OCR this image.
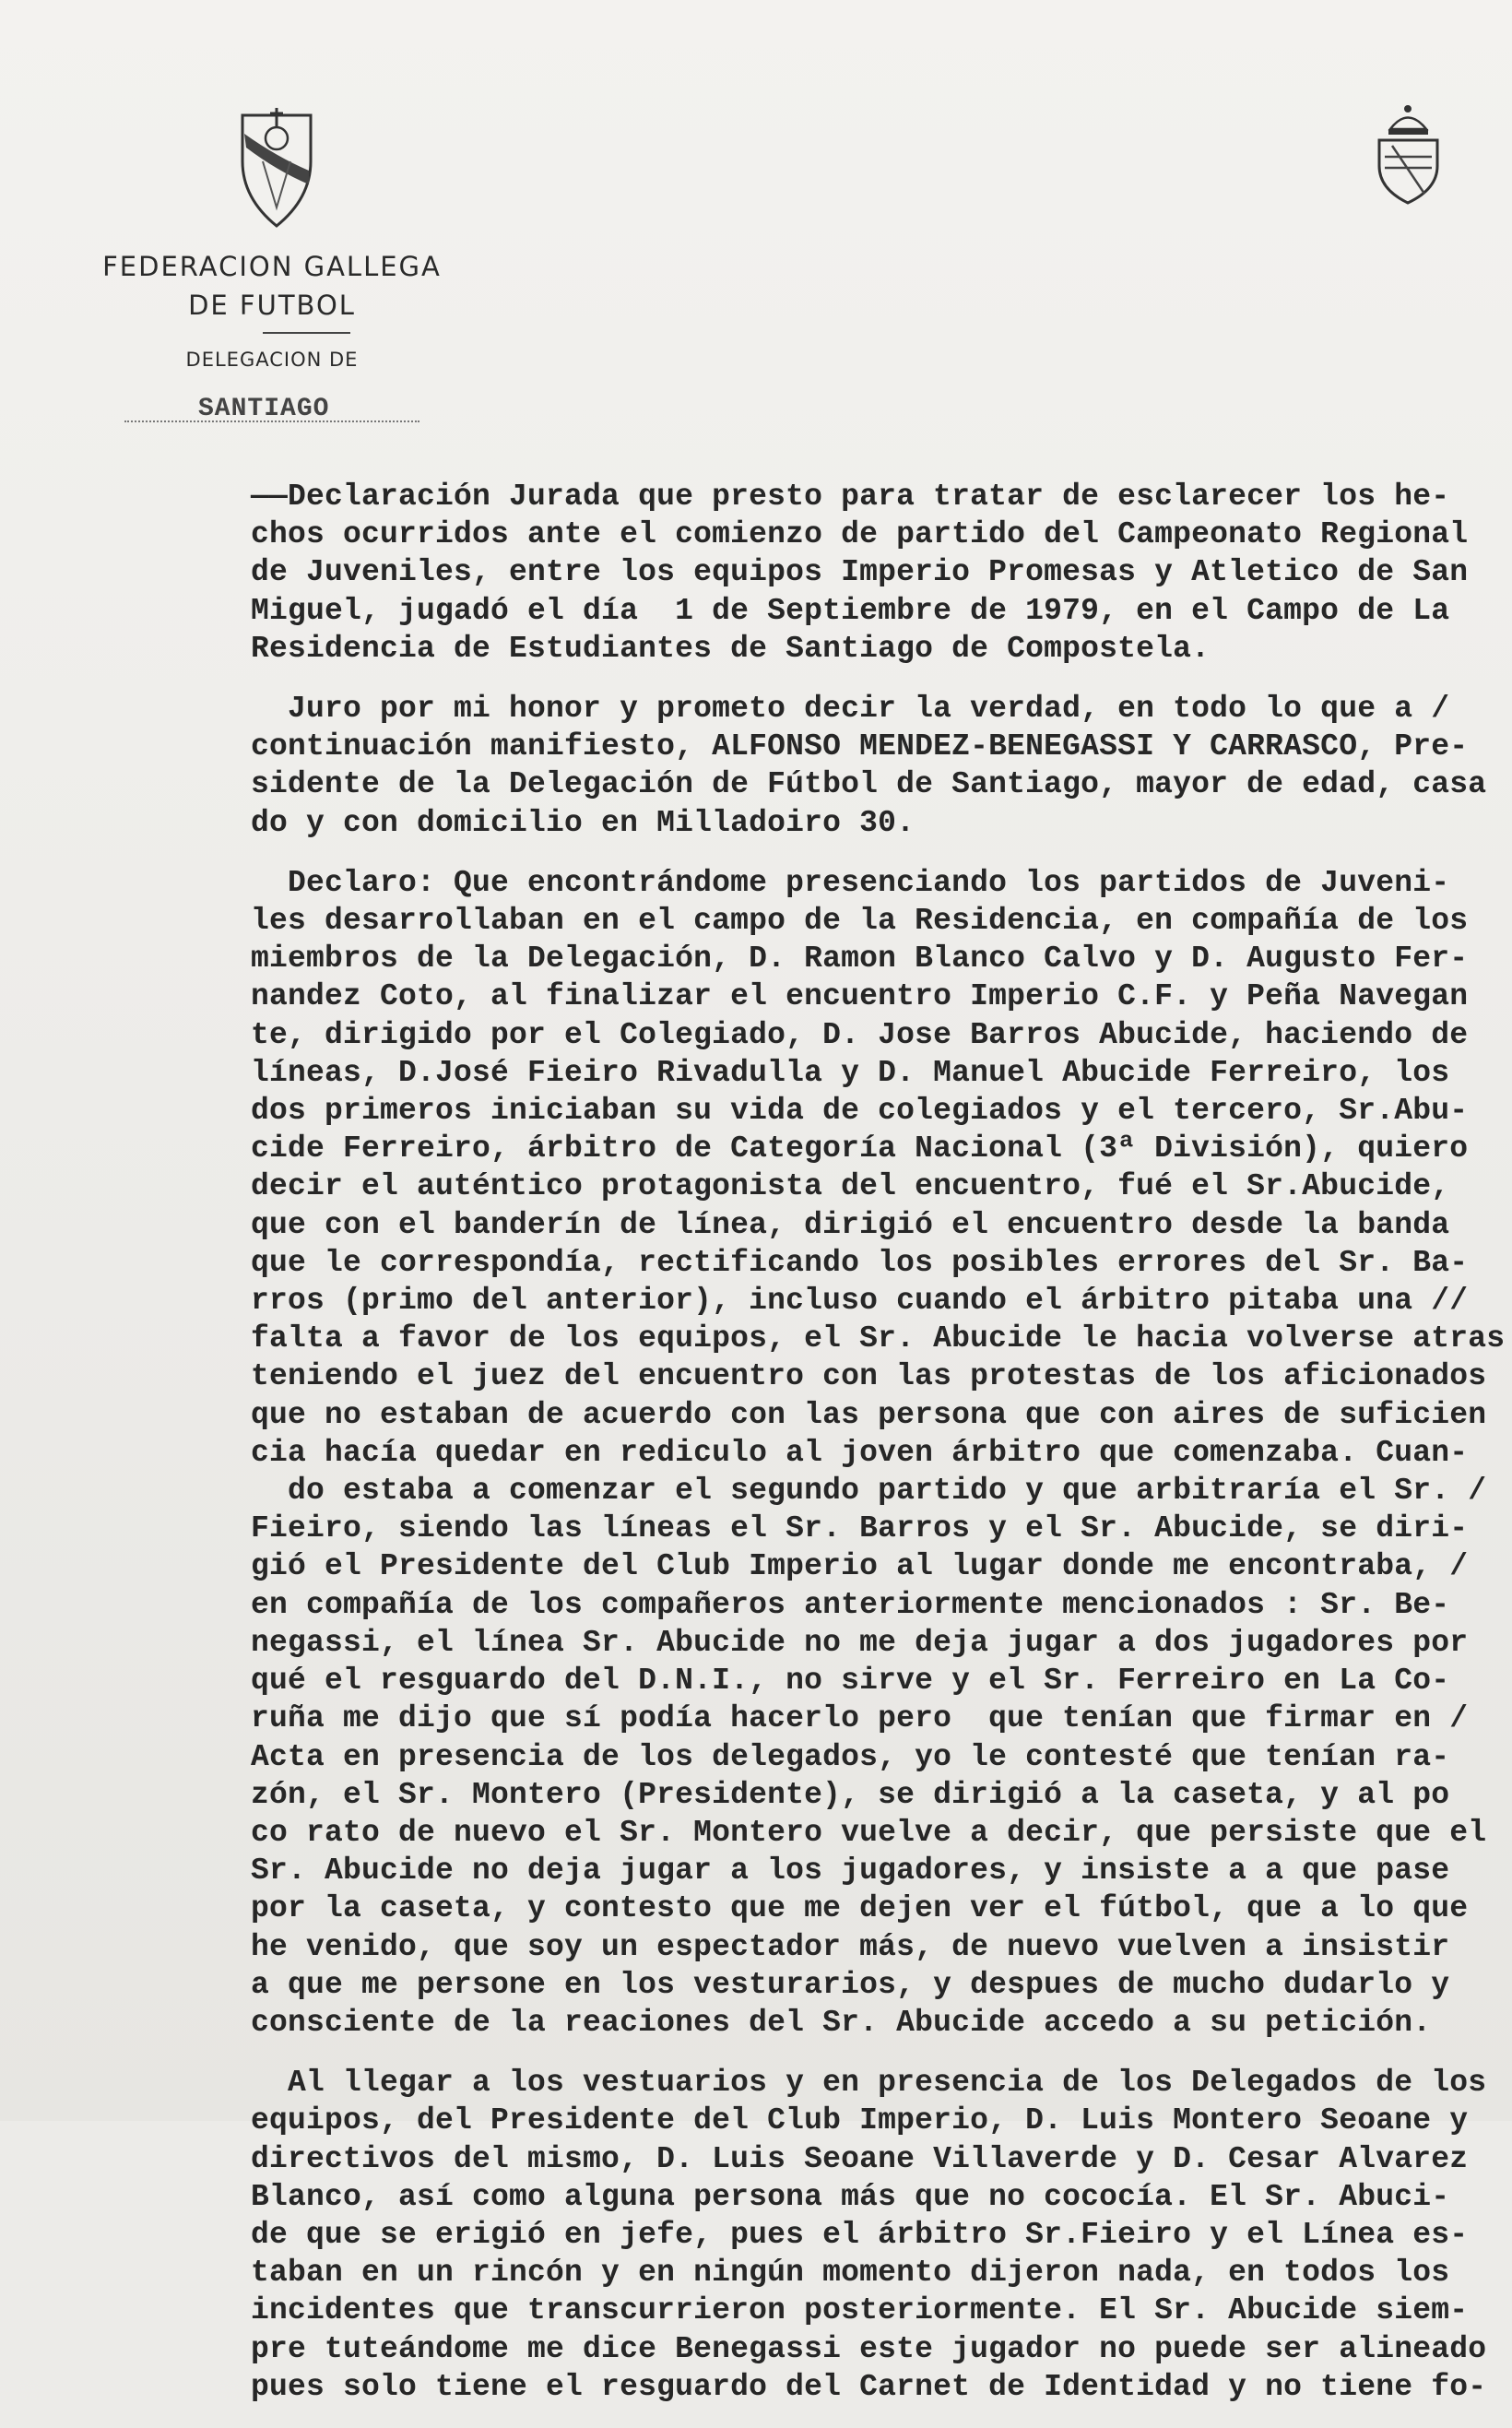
FEDERACION GALLEGA
DE FUTBOL
DELEGACION DE
SANTIAGO
——Declaración Jurada que presto para tratar de esclarecer los he-
chos ocurridos ante el comienzo de partido del Campeonato Regional
de Juveniles, entre los equipos Imperio Promesas y Atletico de San
Miguel, jugadó el día  1 de Septiembre de 1979, en el Campo de La
Residencia de Estudiantes de Santiago de Compostela.
Juro por mi honor y prometo decir la verdad, en todo lo que a /
continuación manifiesto, ALFONSO MENDEZ-BENEGASSI Y CARRASCO, Pre-
sidente de la Delegación de Fútbol de Santiago, mayor de edad, casa
do y con domicilio en Milladoiro 30.
Declaro: Que encontrándome presenciando los partidos de Juveni-
les desarrollaban en el campo de la Residencia, en compañía de los
miembros de la Delegación, D. Ramon Blanco Calvo y D. Augusto Fer-
nandez Coto, al finalizar el encuentro Imperio C.F. y Peña Navegan
te, dirigido por el Colegiado, D. Jose Barros Abucide, haciendo de
líneas, D.José Fieiro Rivadulla y D. Manuel Abucide Ferreiro, los
dos primeros iniciaban su vida de colegiados y el tercero, Sr.Abu-
cide Ferreiro, árbitro de Categoría Nacional (3ª División), quiero
decir el auténtico protagonista del encuentro, fué el Sr.Abucide,
que con el banderín de línea, dirigió el encuentro desde la banda
que le correspondía, rectificando los posibles errores del Sr. Ba-
rros (primo del anterior), incluso cuando el árbitro pitaba una //
falta a favor de los equipos, el Sr. Abucide le hacia volverse atras
teniendo el juez del encuentro con las protestas de los aficionados
que no estaban de acuerdo con las persona que con aires de suficien
cia hacía quedar en rediculo al joven árbitro que comenzaba. Cuan-
do estaba a comenzar el segundo partido y que arbitraría el Sr. /
Fieiro, siendo las líneas el Sr. Barros y el Sr. Abucide, se diri-
gió el Presidente del Club Imperio al lugar donde me encontraba, /
en compañía de los compañeros anteriormente mencionados : Sr. Be-
negassi, el línea Sr. Abucide no me deja jugar a dos jugadores por
qué el resguardo del D.N.I., no sirve y el Sr. Ferreiro en La Co-
ruña me dijo que sí podía hacerlo pero  que tenían que firmar en /
Acta en presencia de los delegados, yo le contesté que tenían ra-
zón, el Sr. Montero (Presidente), se dirigió a la caseta, y al po
co rato de nuevo el Sr. Montero vuelve a decir, que persiste que el
Sr. Abucide no deja jugar a los jugadores, y insiste a a que pase
por la caseta, y contesto que me dejen ver el fútbol, que a lo que
he venido, que soy un espectador más, de nuevo vuelven a insistir
a que me persone en los vesturarios, y despues de mucho dudarlo y
consciente de la reaciones del Sr. Abucide accedo a su petición.
Al llegar a los vestuarios y en presencia de los Delegados de los
equipos, del Presidente del Club Imperio, D. Luis Montero Seoane y
directivos del mismo, D. Luis Seoane Villaverde y D. Cesar Alvarez
Blanco, así como alguna persona más que no cococía. El Sr. Abuci-
de que se erigió en jefe, pues el árbitro Sr.Fieiro y el Línea es-
taban en un rincón y en ningún momento dijeron nada, en todos los
incidentes que transcurrieron posteriormente. El Sr. Abucide siem-
pre tuteándome me dice Benegassi este jugador no puede ser alineado
pues solo tiene el resguardo del Carnet de Identidad y no tiene fo-
